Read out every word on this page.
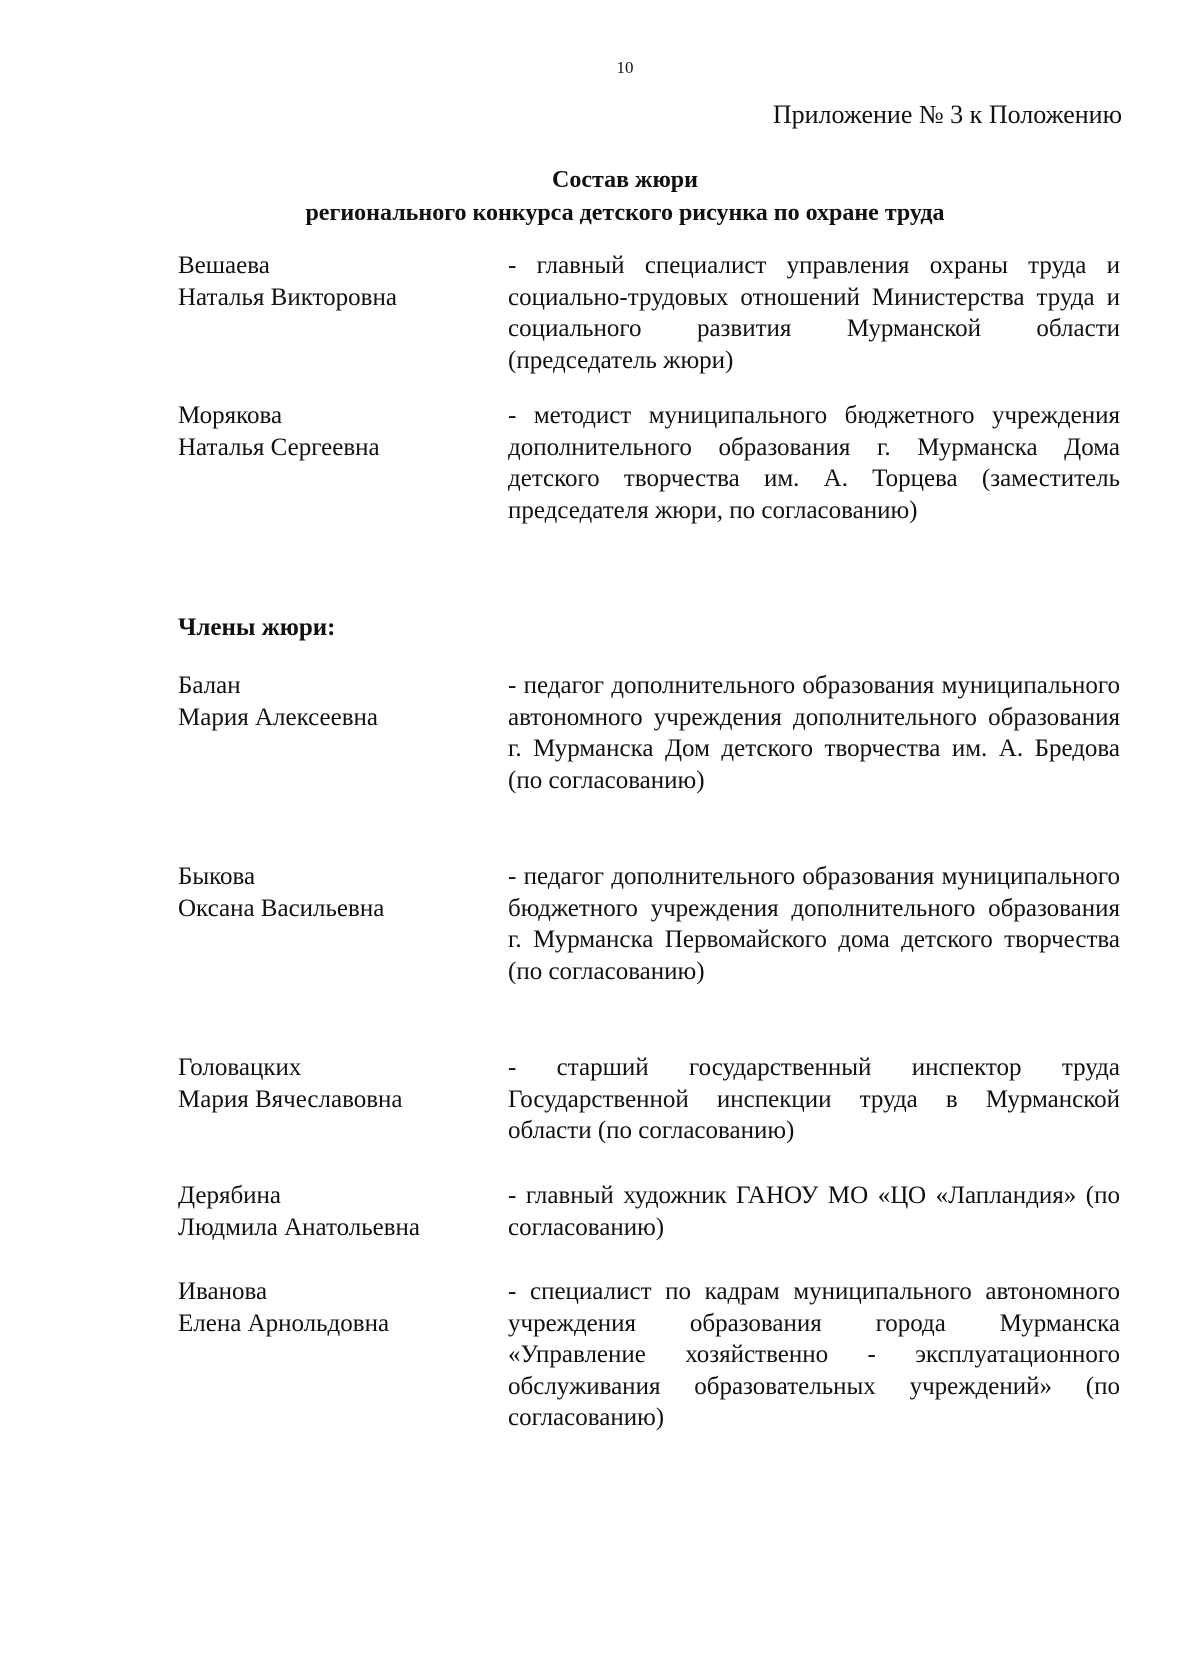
10
Приложение № 3 к Положению
Состав жюри
регионального конкурса детского рисунка по охране труда
Вешаева
Наталья Викторовна
- главный специалист управления охраны труда и социально-трудовых отношений Министерства труда и социального развития Мурманской области (председатель жюри)
Морякова
Наталья Сергеевна
- методист муниципального бюджетного учреждения дополнительного образования г. Мурманска Дома детского творчества им. А. Торцева (заместитель председателя жюри, по согласованию)
Члены жюри:
Балан
Мария Алексеевна
- педагог дополнительного образования муниципального автономного учреждения дополнительного образования г. Мурманска Дом детского творчества им. А. Бредова (по согласованию)
Быкова
Оксана Васильевна
- педагог дополнительного образования муниципального бюджетного учреждения дополнительного образования г. Мурманска Первомайского дома детского творчества (по согласованию)
Головацких
Мария Вячеславовна
- старший государственный инспектор труда Государственной инспекции труда в Мурманской области (по согласованию)
Дерябина
Людмила Анатольевна
- главный художник ГАНОУ МО «ЦО «Лапландия» (по согласованию)
Иванова
Елена Арнольдовна
- специалист по кадрам муниципального автономного учреждения образования города Мурманска «Управление хозяйственно - эксплуатационного обслуживания образовательных учреждений» (по согласованию)
